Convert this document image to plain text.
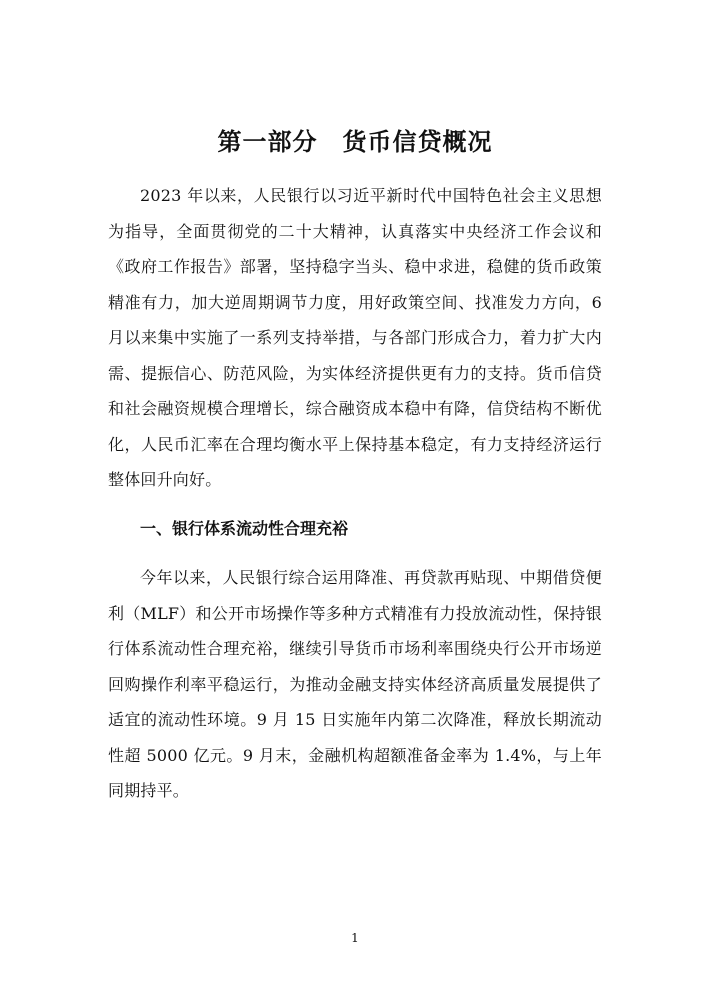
第一部分　货币信贷概况

2023 年以来，人民银行以习近平新时代中国特色社会主义思想为指导，全面贯彻党的二十大精神，认真落实中央经济工作会议和《政府工作报告》部署，坚持稳字当头、稳中求进，稳健的货币政策精准有力，加大逆周期调节力度，用好政策空间、找准发力方向，6 月以来集中实施了一系列支持举措，与各部门形成合力，着力扩大内需、提振信心、防范风险，为实体经济提供更有力的支持。货币信贷和社会融资规模合理增长，综合融资成本稳中有降，信贷结构不断优化，人民币汇率在合理均衡水平上保持基本稳定，有力支持经济运行整体回升向好。

一、银行体系流动性合理充裕

今年以来，人民银行综合运用降准、再贷款再贴现、中期借贷便利（MLF）和公开市场操作等多种方式精准有力投放流动性，保持银行体系流动性合理充裕，继续引导货币市场利率围绕央行公开市场逆回购操作利率平稳运行，为推动金融支持实体经济高质量发展提供了适宜的流动性环境。9 月 15 日实施年内第二次降准，释放长期流动性超 5000 亿元。9 月末，金融机构超额准备金率为 1.4%，与上年同期持平。

1
